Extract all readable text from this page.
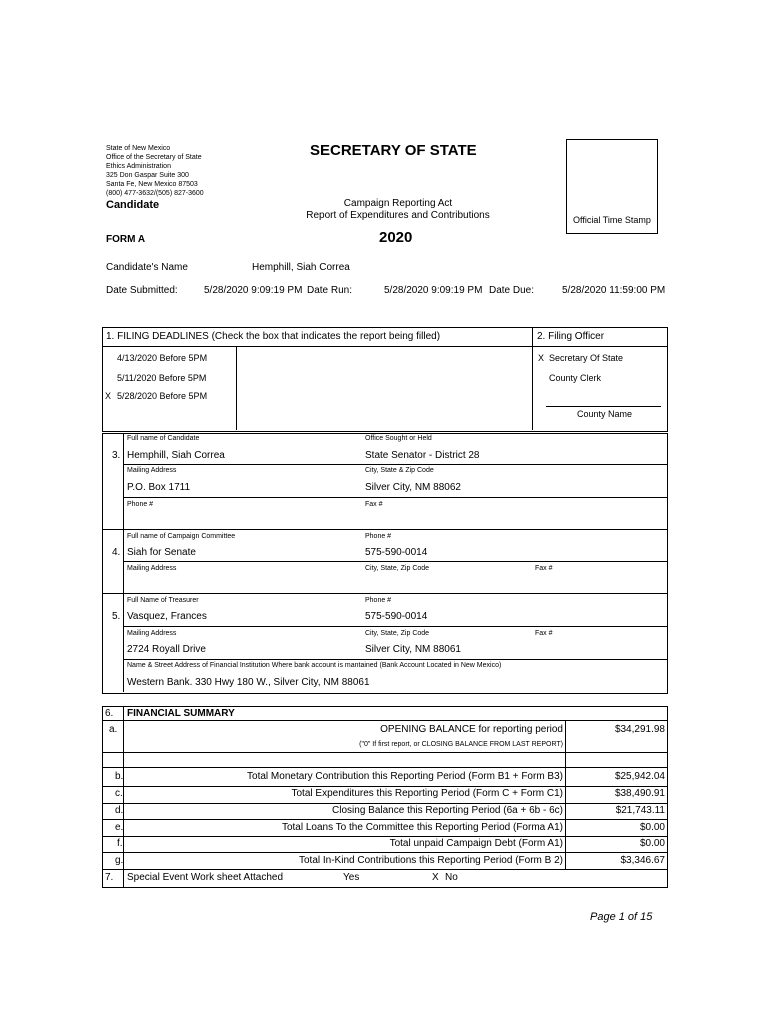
State of New Mexico
Office of the Secretary of State
Ethics Administration
325 Don Gaspar Suite 300
Santa Fe, New Mexico 87503
(800) 477-3632/(505) 827-3600
SECRETARY OF STATE
Candidate	Campaign Reporting Act
Report of Expenditures and Contributions	Official Time Stamp
FORM A	2020
Candidate's Name	Hemphill, Siah Correa
Date Submitted:	5/28/2020 9:09:19 PM Date Run:	5/28/2020 9:09:19 PM Date Due:	5/28/2020 11:59:00 PM
1. FILING DEADLINES (Check the box that indicates the report being filled)	2. Filing Officer
4/13/2020 Before 5PM
5/11/2020 Before 5PM
X 5/28/2020 Before 5PM
X Secretary Of State
County Clerk
County Name
Full name of Candidate	Office Sought or Held
3. Hemphill, Siah Correa	State Senator - District 28
Mailing Address	City, State & Zip Code
P.O. Box 1711	Silver City, NM 88062
Phone #	Fax #
Full name of Campaign Committee	Phone #
4. Siah for Senate	575-590-0014
Mailing Address	City, State, Zip Code	Fax #
Full Name of Treasurer	Phone #
5. Vasquez, Frances	575-590-0014
Mailing Address	City, State, Zip Code	Fax #
2724 Royall Drive	Silver City, NM 88061
Name & Street Address of Financial Institution Where bank account is mantained (Bank Account Located in New Mexico)
Western Bank. 330 Hwy 180 W., Silver City, NM 88061
6. FINANCIAL SUMMARY
a.	OPENING BALANCE for reporting period	$34,291.98
("0" If first report, or CLOSING BALANCE FROM LAST REPORT)
b.	Total Monetary Contribution this Reporting Period (Form B1 + Form B3)	$25,942.04
c.	Total Expenditures this Reporting Period (Form C + Form C1)	$38,490.91
d.	Closing Balance this Reporting Period (6a + 6b - 6c)	$21,743.11
e.	Total Loans To the Committee this Reporting Period (Forma A1)	$0.00
f.	Total unpaid Campaign Debt (Form A1)	$0.00
g.	Total In-Kind Contributions this Reporting Period (Form B 2)	$3,346.67
7. Special Event Work sheet Attached	Yes	X No
Page 1 of 15
